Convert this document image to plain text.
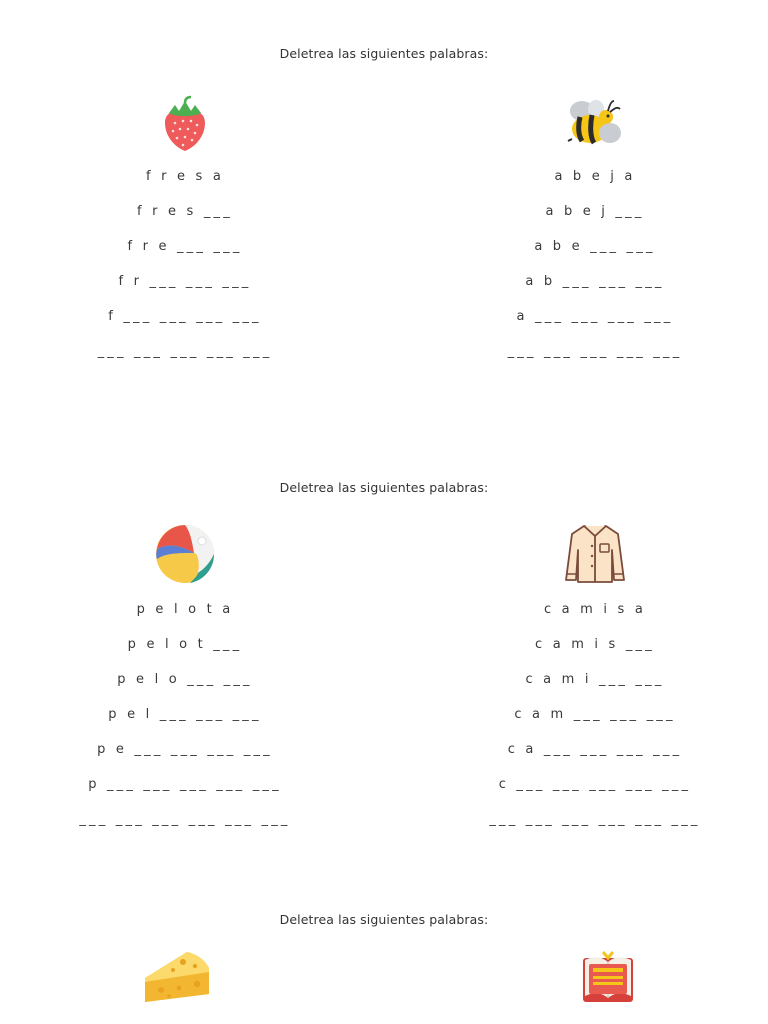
Deletrea las siguientes palabras:
f r e s a
f r e s ___
f r e ___ ___
f r ___ ___ ___
f ___ ___ ___ ___
___ ___ ___ ___ ___
a b e j a
a b e j ___
a b e ___ ___
a b ___ ___ ___
a ___ ___ ___ ___
___ ___ ___ ___ ___
Deletrea las siguientes palabras:
p e l o t a
p e l o t ___
p e l o ___ ___
p e l ___ ___ ___
p e ___ ___ ___ ___
p ___ ___ ___ ___ ___
___ ___ ___ ___ ___ ___
c a m i s a
c a m i s ___
c a m i ___ ___
c a m ___ ___ ___
c a ___ ___ ___ ___
c ___ ___ ___ ___ ___
___ ___ ___ ___ ___ ___
Deletrea las siguientes palabras:
